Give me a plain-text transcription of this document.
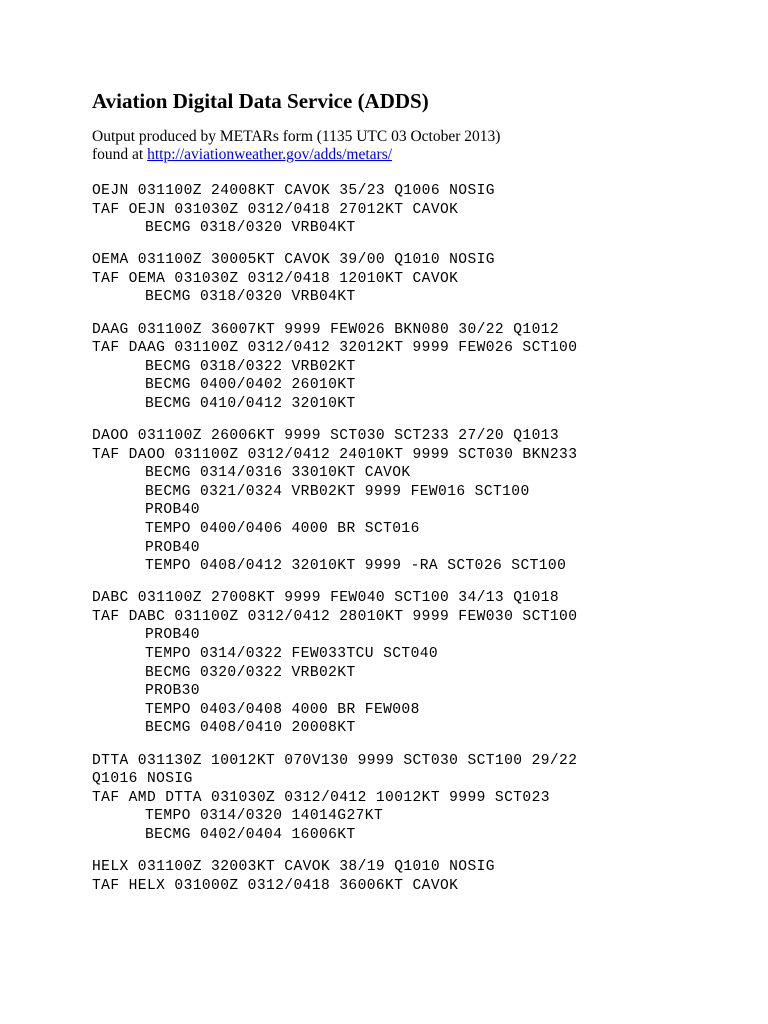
Aviation Digital Data Service (ADDS)
Output produced by METARs form (1135 UTC 03 October 2013)
found at http://aviationweather.gov/adds/metars/
OEJN 031100Z 24008KT CAVOK 35/23 Q1006 NOSIG
TAF OEJN 031030Z 0312/0418 27012KT CAVOK
BECMG 0318/0320 VRB04KT
OEMA 031100Z 30005KT CAVOK 39/00 Q1010 NOSIG
TAF OEMA 031030Z 0312/0418 12010KT CAVOK
BECMG 0318/0320 VRB04KT
DAAG 031100Z 36007KT 9999 FEW026 BKN080 30/22 Q1012
TAF DAAG 031100Z 0312/0412 32012KT 9999 FEW026 SCT100
BECMG 0318/0322 VRB02KT
BECMG 0400/0402 26010KT
BECMG 0410/0412 32010KT
DAOO 031100Z 26006KT 9999 SCT030 SCT233 27/20 Q1013
TAF DAOO 031100Z 0312/0412 24010KT 9999 SCT030 BKN233
BECMG 0314/0316 33010KT CAVOK
BECMG 0321/0324 VRB02KT 9999 FEW016 SCT100
PROB40
TEMPO 0400/0406 4000 BR SCT016
PROB40
TEMPO 0408/0412 32010KT 9999 -RA SCT026 SCT100
DABC 031100Z 27008KT 9999 FEW040 SCT100 34/13 Q1018
TAF DABC 031100Z 0312/0412 28010KT 9999 FEW030 SCT100
PROB40
TEMPO 0314/0322 FEW033TCU SCT040
BECMG 0320/0322 VRB02KT
PROB30
TEMPO 0403/0408 4000 BR FEW008
BECMG 0408/0410 20008KT
DTTA 031130Z 10012KT 070V130 9999 SCT030 SCT100 29/22
Q1016 NOSIG
TAF AMD DTTA 031030Z 0312/0412 10012KT 9999 SCT023
TEMPO 0314/0320 14014G27KT
BECMG 0402/0404 16006KT
HELX 031100Z 32003KT CAVOK 38/19 Q1010 NOSIG
TAF HELX 031000Z 0312/0418 36006KT CAVOK
